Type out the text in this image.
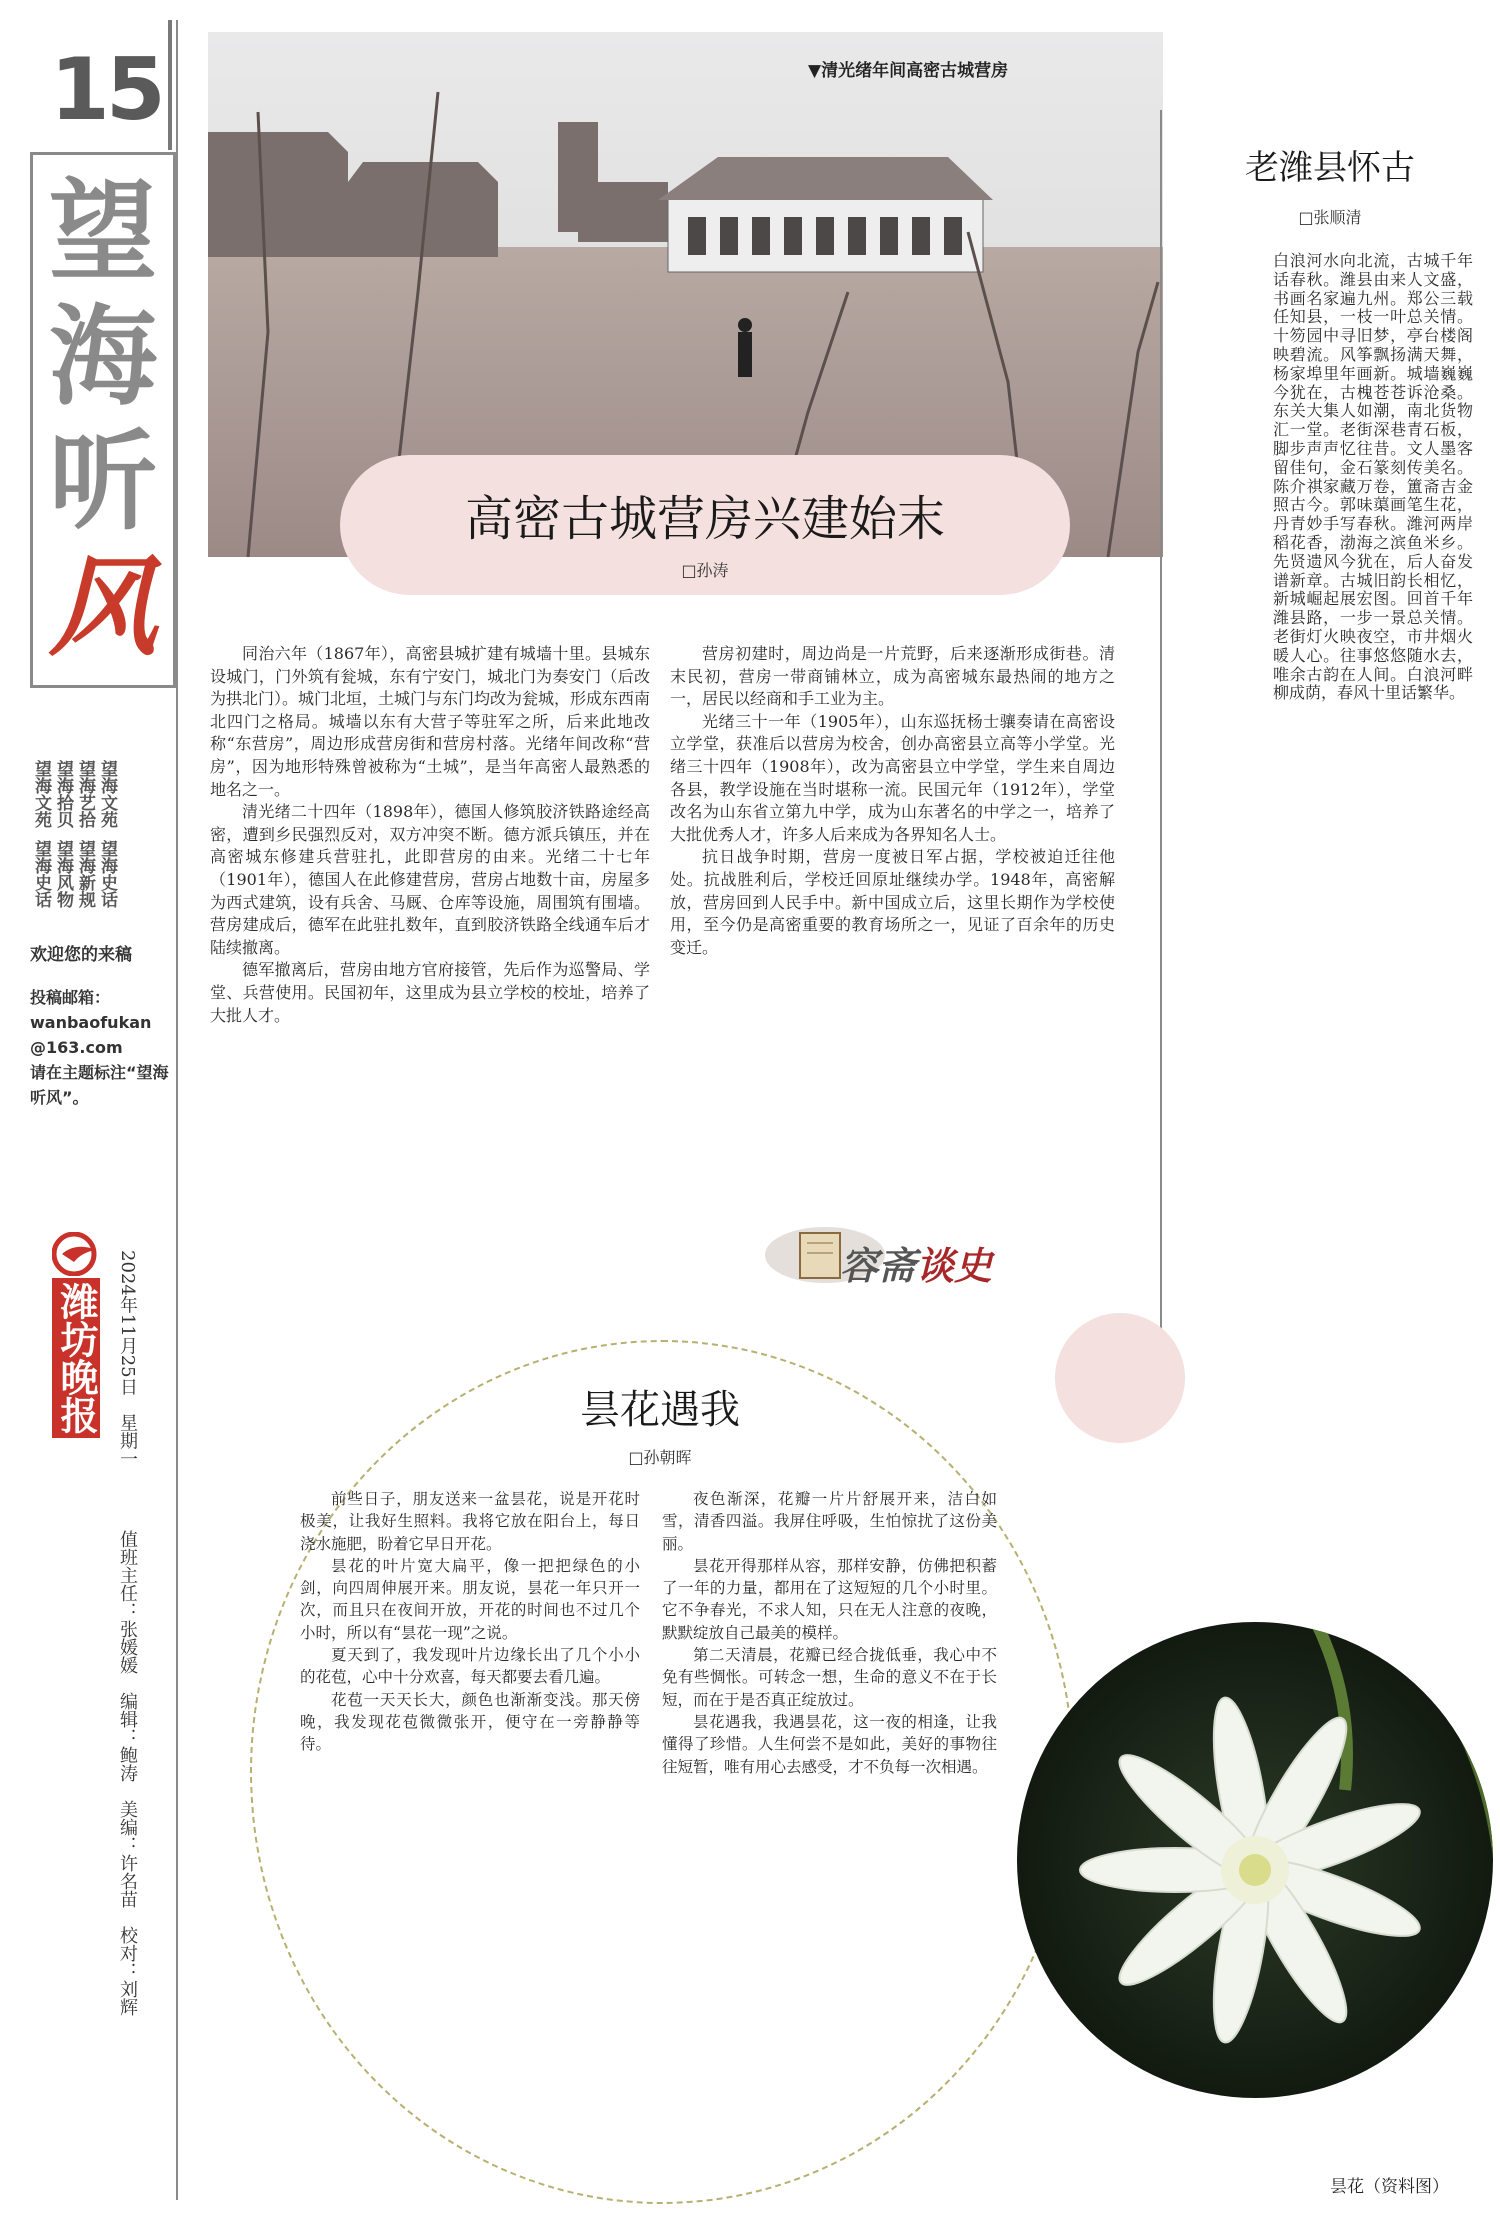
15
望
海
听
风
望海文苑  望海史话  望海艺拾  望海新规  望海拾贝  望海风物  望海文苑  望海史话
欢迎您的来稿
投稿邮箱：
wanbaofukan
@163.com
请在主题标注“望海听风”。
潍坊晚报 2024年11月25日　星期一
值班主任：张媛媛　编辑：鲍涛　美编：许名苗　校对：刘辉
▼清光绪年间高密古城营房
高密古城营房兴建始末
□孙涛

同治六年（1867年），高密县城扩建有城墙十里。县城东设城门，门外筑有瓮城，东有宁安门，城北门为奏安门（后改为拱北门）。城门北垣，土城门与东门均改为瓮城，形成东西南北四门之格局。城墙以东有大营子等驻军之所，后来此地改称“东营房”，周边形成营房街和营房村落。光绪年间改称“营房”，因为地形特殊曾被称为“土城”，是当年高密人最熟悉的地名之一。

清光绪二十四年（1898年），德国人修筑胶济铁路途经高密，遭到乡民强烈反对，双方冲突不断。德方派兵镇压，并在高密城东修建兵营驻扎，此即营房的由来。光绪二十七年（1901年），德国人在此修建营房，营房占地数十亩，房屋多为西式建筑，设有兵舍、马厩、仓库等设施，周围筑有围墙。营房建成后，德军在此驻扎数年，直到胶济铁路全线通车后才陆续撤离。

德军撤离后，营房由地方官府接管，先后作为巡警局、学堂、兵营使用。民国初年，这里成为县立学校的校址，培养了大批人才。

营房初建时，周边尚是一片荒野，后来逐渐形成街巷。清末民初，营房一带商铺林立，成为高密城东最热闹的地方之一，居民以经商和手工业为主。

光绪三十一年（1905年），山东巡抚杨士骧奏请在高密设立学堂，获准后以营房为校舍，创办高密县立高等小学堂。光绪三十四年（1908年），改为高密县立中学堂，学生来自周边各县，教学设施在当时堪称一流。民国元年（1912年），学堂改名为山东省立第九中学，成为山东著名的中学之一，培养了大批优秀人才，许多人后来成为各界知名人士。

抗日战争时期，营房一度被日军占据，学校被迫迁往他处。抗战胜利后，学校迁回原址继续办学。1948年，高密解放，营房回到人民手中。新中国成立后，这里长期作为学校使用，至今仍是高密重要的教育场所之一，见证了百余年的历史变迁。

容斋谈史
老潍县怀古
□张顺清
白浪河水向北流，古城千年话春秋。潍县由来人文盛，书画名家遍九州。郑公三载任知县，一枝一叶总关情。十笏园中寻旧梦，亭台楼阁映碧流。风筝飘扬满天舞，杨家埠里年画新。城墙巍巍今犹在，古槐苍苍诉沧桑。东关大集人如潮，南北货物汇一堂。老街深巷青石板，脚步声声忆往昔。文人墨客留佳句，金石篆刻传美名。陈介祺家藏万卷，簠斋吉金照古今。郭味蕖画笔生花，丹青妙手写春秋。潍河两岸稻花香，渤海之滨鱼米乡。先贤遗风今犹在，后人奋发谱新章。古城旧韵长相忆，新城崛起展宏图。回首千年潍县路，一步一景总关情。老街灯火映夜空，市井烟火暖人心。往事悠悠随水去，唯余古韵在人间。白浪河畔柳成荫，春风十里话繁华。
昙花遇我
□孙朝晖

前些日子，朋友送来一盆昙花，说是开花时极美，让我好生照料。我将它放在阳台上，每日浇水施肥，盼着它早日开花。

昙花的叶片宽大扁平，像一把把绿色的小剑，向四周伸展开来。朋友说，昙花一年只开一次，而且只在夜间开放，开花的时间也不过几个小时，所以有“昙花一现”之说。

夏天到了，我发现叶片边缘长出了几个小小的花苞，心中十分欢喜，每天都要去看几遍。

花苞一天天长大，颜色也渐渐变浅。那天傍晚，我发现花苞微微张开，便守在一旁静静等待。

夜色渐深，花瓣一片片舒展开来，洁白如雪，清香四溢。我屏住呼吸，生怕惊扰了这份美丽。

昙花开得那样从容，那样安静，仿佛把积蓄了一年的力量，都用在了这短短的几个小时里。它不争春光，不求人知，只在无人注意的夜晚，默默绽放自己最美的模样。

第二天清晨，花瓣已经合拢低垂，我心中不免有些惆怅。可转念一想，生命的意义不在于长短，而在于是否真正绽放过。

昙花遇我，我遇昙花，这一夜的相逢，让我懂得了珍惜。人生何尝不是如此，美好的事物往往短暂，唯有用心去感受，才不负每一次相遇。

昙花（资料图）
